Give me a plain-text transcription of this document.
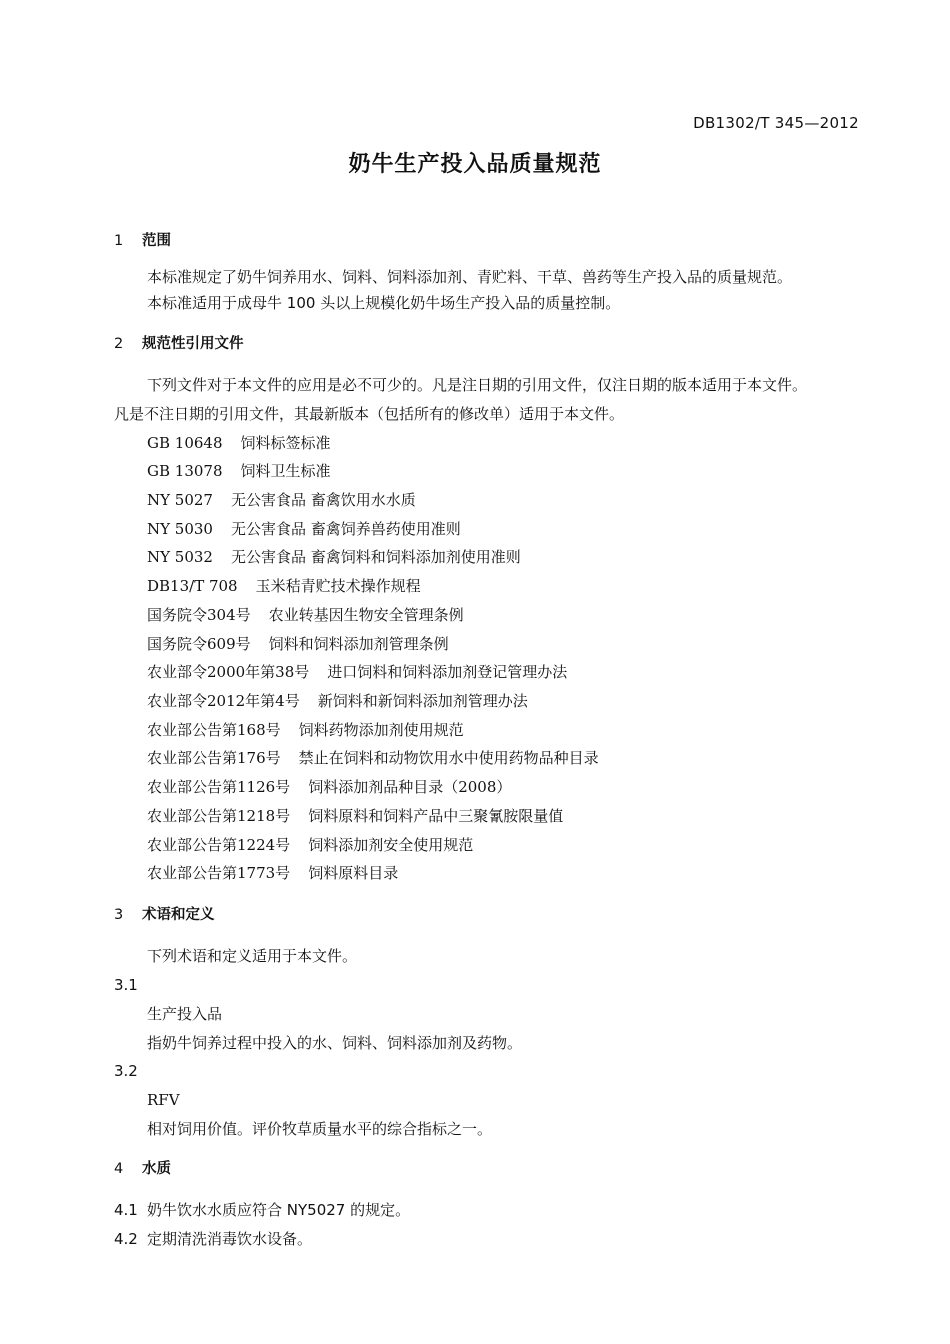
DB1302/T 345—2012
奶牛生产投入品质量规范
1 范围
本标准规定了奶牛饲养用水、饲料、饲料添加剂、青贮料、干草、兽药等生产投入品的质量规范。
本标准适用于成母牛 100 头以上规模化奶牛场生产投入品的质量控制。
2 规范性引用文件
下列文件对于本文件的应用是必不可少的。凡是注日期的引用文件，仅注日期的版本适用于本文件。
凡是不注日期的引用文件，其最新版本（包括所有的修改单）适用于本文件。
GB 10648 饲料标签标准
GB 13078 饲料卫生标准
NY 5027 无公害食品 畜禽饮用水水质
NY 5030 无公害食品 畜禽饲养兽药使用准则
NY 5032 无公害食品 畜禽饲料和饲料添加剂使用准则
DB13/T 708 玉米秸青贮技术操作规程
国务院令304号 农业转基因生物安全管理条例
国务院令609号 饲料和饲料添加剂管理条例
农业部令2000年第38号 进口饲料和饲料添加剂登记管理办法
农业部令2012年第4号 新饲料和新饲料添加剂管理办法
农业部公告第168号 饲料药物添加剂使用规范
农业部公告第176号 禁止在饲料和动物饮用水中使用药物品种目录
农业部公告第1126号 饲料添加剂品种目录（2008）
农业部公告第1218号 饲料原料和饲料产品中三聚氰胺限量值
农业部公告第1224号 饲料添加剂安全使用规范
农业部公告第1773号 饲料原料目录
3 术语和定义
下列术语和定义适用于本文件。
3.1
生产投入品
指奶牛饲养过程中投入的水、饲料、饲料添加剂及药物。
3.2
RFV
相对饲用价值。评价牧草质量水平的综合指标之一。
4 水质
4.1 奶牛饮水水质应符合 NY5027 的规定。
4.2 定期清洗消毒饮水设备。
